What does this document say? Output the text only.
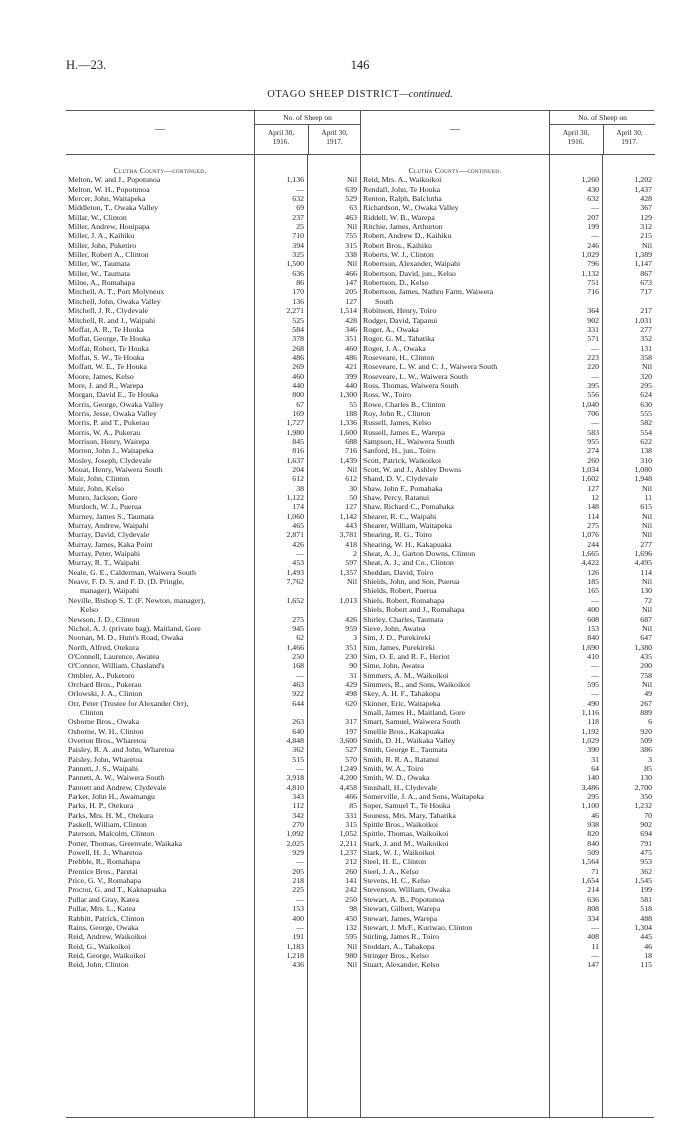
H.—23.	146
OTAGO SHEEP DISTRICT—continued.
—
No. of Sheep on
April 30,
1916.
April 30,
1917.
Clutha County—continued.
Melton, W. and J., Popotunoa	1,136	Nil
Melton, W. H., Popotunoa	—	639
Mercer, John, Waitapeka	632	529
Middleton, T., Owaka Valley	69	63
Millar, W., Clinton	237	463
Miller, Andrew, Houipapa	25	Nil
Miller, J. A., Kaihiku	710	755
Miller, John, Puketiro	394	315
Miller, Robert A., Clinton	325	338
Miller, W., Taumata	1,500	Nil
Miller, W., Taumata	636	466
Milne, A., Romahapa	86	147
Mitchell, A. T., Port Molyneux	170	205
Mitchell, John, Owaka Valley	136	127
Mitchell, J. R., Clydevale	2,271	1,514
Mitchell, R. and J., Waipahi	525	428
Moffat, A. R., Te Houka	584	346
Moffat, George, Te Houka	378	351
Moffat, Robert, Te Houka	268	460
Moffat, S. W., Te Houka	486	486
Moffatt, W. E., Te Houka	269	421
Moore, James, Kelso	460	399
More, J. and R., Warepa	440	440
Morgan, David E., Te Houka	800	1,300
Morris, George, Owaka Valley	67	55
Morris, Jesse, Owaka Valley	169	188
Morris, P. and T., Pukerau	1,727	1,336
Morris, W. A., Pukerau	1,980	1,600
Morrison, Henry, Wairepa	845	688
Morton, John J., Waitapeka	816	716
Mosley, Joseph, Clydevale	1,637	1,439
Mouat, Henry, Waiwera South	204	Nil
Muir, John, Clinton	612	612
Muir, John, Kelso	38	30
Munro, Jackson, Gore	1,122	50
Murdoch, W. J., Puerua	174	127
Murney, James S., Taumata	1,060	1,142
Murray, Andrew, Waipahi	465	443
Murray, David, Clydevale	2,871	3,781
Murray, James, Kaka Point	426	418
Murray, Peter, Waipahi	—	2
Murray, R. T., Waipahi	453	597
Neale, G. E., Calderman, Waiwera South	1,493	1,357
Neave, F. D. S. and F. D. (D. Pringle,	7,762	Nil
manager), Waipahi
Neville, Bishop S. T. (F. Newton, manager),	1,652	1,013
Kelso
Newson, J. D., Clinton	275	426
Nichol, A. J. (private bag), Maitland, Gore	945	959
Noonan, M. D., Hunt's Road, Owaka	62	3
North, Alfred, Otekura	1,466	351
O'Connell, Laurence, Awatea	250	230
O'Connor, William, Chasland's	168	90
Ombler, A., Puketoro	—	31
Orchard Bros., Pukerau	463	429
Orlowski, J. A., Clinton	922	498
Orr, Peter (Trustee for Alexander Orr),	644	620
Clinton
Osborne Bros., Owaka	263	317
Osborne, W. H., Clinton	640	197
Overton Bros., Wharetoa	4,848	3,600
Paisley, R. A. and John, Wharetoa	362	527
Paisley, John, Wharetoa	515	570
Pannett, J. S., Waipahi	—	1,249
Pannett, A. W., Waiwera South	3,918	4,200
Pannett and Andrew, Clydevale	4,810	4,458
Parker, John H., Awamangu	343	466
Parks, H. P., Otekura	112	85
Parks, Mrs. H. M., Otekura	342	331
Paskell, William, Clinton	270	315
Paterson, Malcolm, Clinton	1,092	1,052
Potter, Thomas, Greenvale, Waikaka	2,025	2,211
Powell, H. J., Wharetoa	929	1,237
Prebble, R., Romahapa	—	212
Prentice Bros., Paretai	205	260
Price, G. V., Romahapa	218	141
Proctor, G. and T., Kaknapuaka	225	242
Pullar and Gray, Katea	—	250
Pullar, Mrs. L., Katea	153	98
Rabbitt, Patrick, Clinton	400	450
Rains, George, Owaka	—	132
Reid, Andrew, Waikoikoi	191	595
Reid, G., Waikoikoi	1,183	Nil
Reid, George, Waikoikoi	1,218	980
Reid, John, Clinton	436	Nil
—
No. of Sheep on
April 30,
1916.
April 30,
1917.
Clutha County—continued.
Reid, Mrs. A., Waikoikoi	1,260	1,202
Rendall, John, Te Houka	430	1,437
Renton, Ralph, Balclutha	632	428
Richardson, W., Owaka Valley	—	367
Riddell, W. B., Warepa	207	129
Ritchie, James, Arthurton	199	312
Robert, Andrew D., Kaihiku	—	215
Robert Bros., Kaihiku	246	Nil
Roberts, W. J., Clinton	1,029	1,389
Robertson, Alexander, Waipahi	796	1,147
Robertson, David, jun., Kelso	1,132	867
Robertson, D., Kelso	751	673
Robertson, James, Nathro Farm, Waiwera	716	717
South
Robinson, Henry, Toiro	364	217
Rodger, David, Tapanui	902	1,031
Roger, A., Owaka	331	277
Roger, G. M., Tahatika	571	352
Roger, J. A., Owaka	—	131
Roseveare, H., Clinton	223	358
Roseveare, L. W. and C. J., Waiwera South	220	Nil
Roseveare, L. W., Waiwera South	—	320
Ross, Thomas, Waiwera South	395	295
Ross, W., Toiro	556	624
Rowe, Charles B., Clinton	1,040	630
Roy, John R., Clinton	706	555
Russell, James, Kelso	—	582
Russell, James E., Warepa	583	554
Sampson, H., Waiwera South	955	622
Sanford, H., jun., Toiro	274	138
Scott, Patrick, Waikoikoi	260	310
Scott, W. and J., Ashley Downs	1,034	1,080
Shand, D. V., Clydevale	1,602	1,948
Shaw, John F., Pomahaka	127	Nil
Shaw, Percy, Ratanui	12	11
Shaw, Richard C., Pomahaka	148	615
Shearer, R. C., Waipahi	114	Nil
Shearer, William, Waitapeka	275	Nil
Shearing, R. G., Toiro	1,076	Nil
Shearing, W. H., Kakapuaka	244	277
Sheat, A. J., Garton Downs, Clinton	1,665	1,696
Sheat, A. J., and Co., Clinton	4,422	4,495
Sheddan, David, Toiro	126	114
Shields, John, and Son, Puerua	185	Nil
Shields, Robert, Puerua	165	130
Shiels, Robert, Romahapa	—	72
Shiels, Robert and J., Romahapa	400	Nil
Shirley, Charles, Taumata	608	687
Sieve, John, Awatea	153	Nil
Sim, J. D., Purekireki	840	647
Sim, James, Purekireki	1,690	1,380
Sim, O. E. and R. F., Heriot	410	435
Sime, John, Awatea	—	200
Simmers, A. M., Waikoikoi	—	758
Simmers, R., and Sons, Waikoikoi	595	Nil
Skey, A. H. F., Tahakopa	—	49
Skinner, Eric, Waitapeka	490	267
Small, James H., Maitland, Gore	1,116	889
Smart, Samuel, Waiwera South	118	6
Smellie Bros., Kakapuaka	1,192	920
Smith, D. H., Waikaka Valley	1,029	509
Smith, George E., Taumata	390	386
Smith, R. R. A., Ratanui	31	3
Smith, W. A., Toiro	64	85
Smith, W. D., Owaka	140	130
Snushall, H., Clydevale	3,486	2,700
Somerville, J. A., and Sons, Waitapeka	295	350
Soper, Samuel T., Te Houka	1,100	1,232
Souness, Mrs. Mary, Tahatika	46	70
Spittle Bros., Waikoikoi	938	902
Spittle, Thomas, Waikoikoi	820	694
Stark, J. and M., Waikoikoi	840	791
Stark, W. J., Waikoikoi	509	475
Steel, H. E., Clinton	1,564	953
Steel, J. A., Kelso	71	362
Stevens, H. C., Kelso	1,654	1,545
Stevenson, William, Owaka	214	199
Stewart, A. B., Popotunoa	636	581
Stewart, Gilbert, Warepa	808	518
Stewart, James, Warepa	334	488
Stewart, J. McF., Kuriwao, Clinton	—	1,304
Stirling, James R., Toiro	408	445
Stoddart, A., Tahakopa	11	46
Stringer Bros., Kelso	—	18
Stuart, Alexander, Kelso	147	115
